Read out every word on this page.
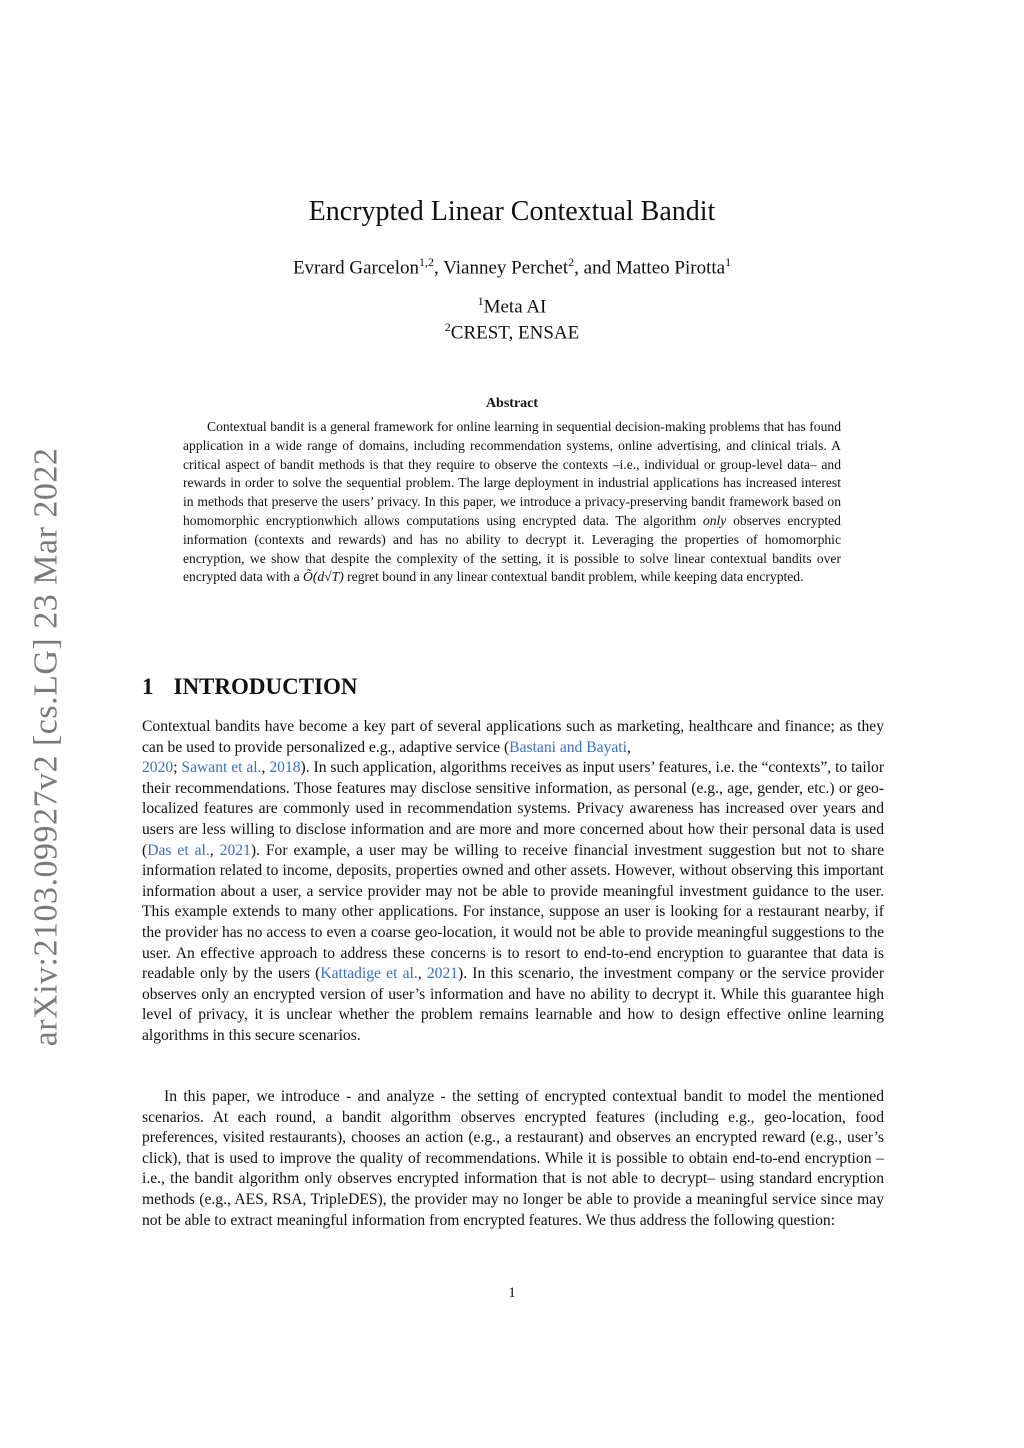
arXiv:2103.09927v2 [cs.LG] 23 Mar 2022
Encrypted Linear Contextual Bandit
Evrard Garcelon$^{1,2}$, Vianney Perchet$^2$, and Matteo Pirotta$^1$
$^1$Meta AI
$^2$CREST, ENSAE
Abstract

Contextual bandit is a general framework for online learning in sequential decision-making problems that has found application in a wide range of domains, including recommendation systems, online advertising, and clinical trials. A critical aspect of bandit methods is that they require to observe the contexts –i.e., individual or group-level data– and rewards in order to solve the sequential problem. The large deployment in industrial applications has increased interest in methods that preserve the users’ privacy. In this paper, we introduce a privacy-preserving bandit framework based on homomorphic encryptionwhich allows computations using encrypted data. The algorithm only observes encrypted information (contexts and rewards) and has no ability to decrypt it. Leveraging the properties of homomorphic encryption, we show that despite the complexity of the setting, it is possible to solve linear contextual bandits over encrypted data with a Õ(d√T) regret bound in any linear contextual bandit problem, while keeping data encrypted.

1 INTRODUCTION

Contextual bandits have become a key part of several applications such as marketing, healthcare and finance; as they can be used to provide personalized e.g., adaptive service (Bastani and Bayati,
2020; Sawant et al., 2018). In such application, algorithms receives as input users’ features, i.e. the “contexts”, to tailor their recommendations. Those features may disclose sensitive information, as personal (e.g., age, gender, etc.) or geo-localized features are commonly used in recommendation systems. Privacy awareness has increased over years and users are less willing to disclose information and are more and more concerned about how their personal data is used (Das et al., 2021). For example, a user may be willing to receive financial investment suggestion but not to share information related to income, deposits, properties owned and other assets. However, without observing this important information about a user, a service provider may not be able to provide meaningful investment guidance to the user. This example extends to many other applications. For instance, suppose an user is looking for a restaurant nearby, if the provider has no access to even a coarse geo-location, it would not be able to provide meaningful suggestions to the user. An effective approach to address these concerns is to resort to end-to-end encryption to guarantee that data is readable only by the users (Kattadige et al., 2021). In this scenario, the investment company or the service provider observes only an encrypted version of user’s information and have no ability to decrypt it. While this guarantee high level of privacy, it is unclear whether the problem remains learnable and how to design effective online learning algorithms in this secure scenarios.

In this paper, we introduce - and analyze - the setting of encrypted contextual bandit to model the mentioned scenarios. At each round, a bandit algorithm observes encrypted features (including e.g., geo-location, food preferences, visited restaurants), chooses an action (e.g., a restaurant) and observes an encrypted reward (e.g., user’s click), that is used to improve the quality of recommendations. While it is possible to obtain end-to-end encryption –i.e., the bandit algorithm only observes encrypted information that is not able to decrypt– using standard encryption methods (e.g., AES, RSA, TripleDES), the provider may no longer be able to provide a meaningful service since may not be able to extract meaningful information from encrypted features. We thus address the following question:

1
